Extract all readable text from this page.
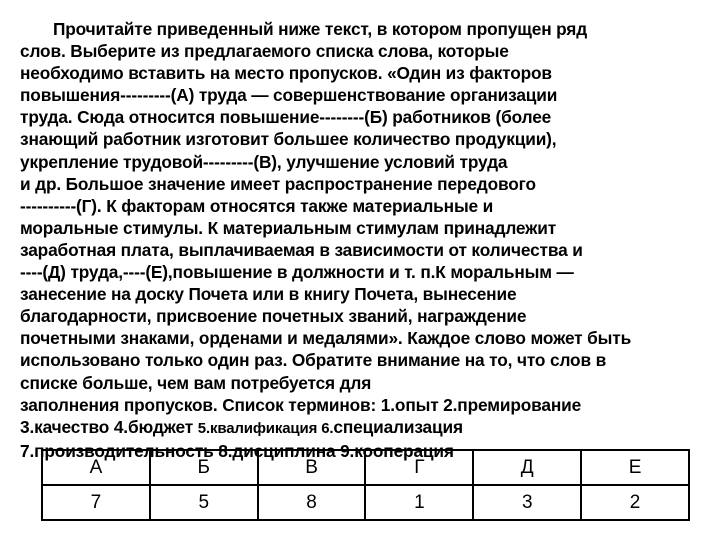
Прочитайте приведенный ниже текст, в котором пропущен ряд
слов. Выберите из предлагаемого списка слова, которые
необходимо вставить на место пропусков. «Один из факторов
повышения---------(А) труда — совершенствование организации
труда. Сюда относится повышение--------(Б) работников (более
знающий работник изготовит большее количество продукции),
укрепление трудовой---------(В), улучшение условий труда
и др. Большое значение имеет распространение передового
----------(Г). К факторам относятся также материальные и
моральные стимулы. К материальным стимулам принадлежит
заработная плата, выплачиваемая в зависимости от количества и
----(Д) труда,----(Е),повышение в должности и т. п.К моральным —
занесение на доску Почета или в книгу Почета, вынесение
благодарности, присвоение почетных званий, награждение
почетными знаками, орденами и медалями». Каждое слово может быть
использовано только один раз. Обратите внимание на то, что слов в
списке больше, чем вам потребуется для
заполнения пропусков. Список терминов: 1.опыт 2.премирование
3.качество 4.бюджет 5.квалификация 6.специализация
7.производительность 8.дисциплина 9.кооперация
А	Б	В	Г	Д	Е
7	5	8	1	3	2
